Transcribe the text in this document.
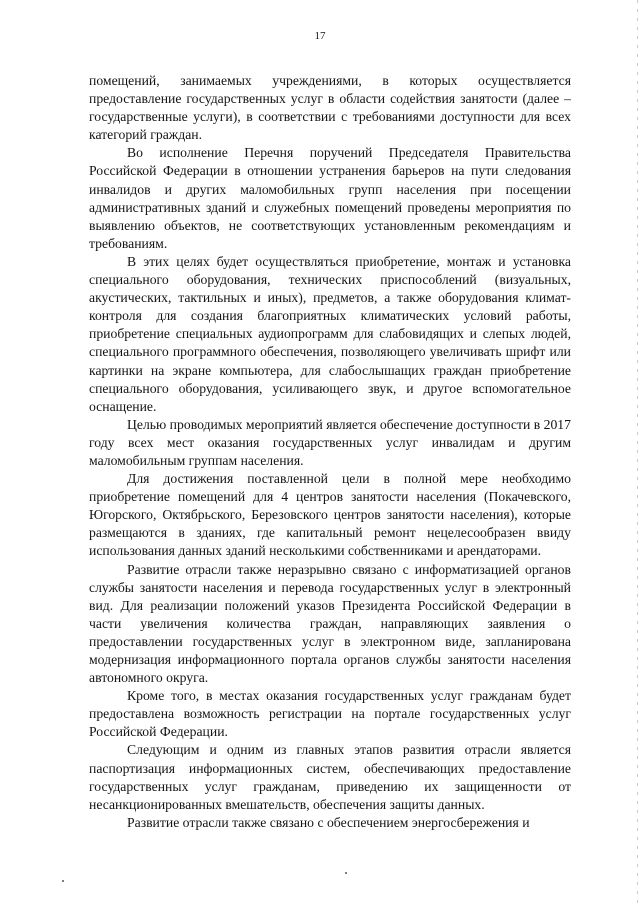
17

помещений, занимаемых учреждениями, в которых осуществляется предоставление государственных услуг в области содействия занятости (далее – государственные услуги), в соответствии с требованиями доступности для всех категорий граждан.

Во исполнение Перечня поручений Председателя Правительства Российской Федерации в отношении устранения барьеров на пути следования инвалидов и других маломобильных групп населения при посещении административных зданий и служебных помещений проведены мероприятия по выявлению объектов, не соответствующих установленным рекомендациям и требованиям.

В этих целях будет осуществляться приобретение, монтаж и установка специального оборудования, технических приспособлений (визуальных, акустических, тактильных и иных), предметов, а также оборудования климат-контроля для создания благоприятных климатических условий работы, приобретение специальных аудиопрограмм для слабовидящих и слепых людей, специального программного обеспечения, позволяющего увеличивать шрифт или картинки на экране компьютера, для слабослышащих граждан приобретение специального оборудования, усиливающего звук, и другое вспомогательное оснащение.

Целью проводимых мероприятий является обеспечение доступности в 2017 году всех мест оказания государственных услуг инвалидам и другим маломобильным группам населения.

Для достижения поставленной цели в полной мере необходимо приобретение помещений для 4 центров занятости населения (Покачевского, Югорского, Октябрьского, Березовского центров занятости населения), которые размещаются в зданиях, где капитальный ремонт нецелесообразен ввиду использования данных зданий несколькими собственниками и арендаторами.

Развитие отрасли также неразрывно связано с информатизацией органов службы занятости населения и перевода государственных услуг в электронный вид. Для реализации положений указов Президента Российской Федерации в части увеличения количества граждан, направляющих заявления о предоставлении государственных услуг в электронном виде, запланирована модернизация информационного портала органов службы занятости населения автономного округа.

Кроме того, в местах оказания государственных услуг гражданам будет предоставлена возможность регистрации на портале государственных услуг Российской Федерации.

Следующим и одним из главных этапов развития отрасли является паспортизация информационных систем, обеспечивающих предоставление государственных услуг гражданам, приведению их защищенности от несанкционированных вмешательств, обеспечения защиты данных.

Развитие отрасли также связано с обеспечением энергосбережения и
